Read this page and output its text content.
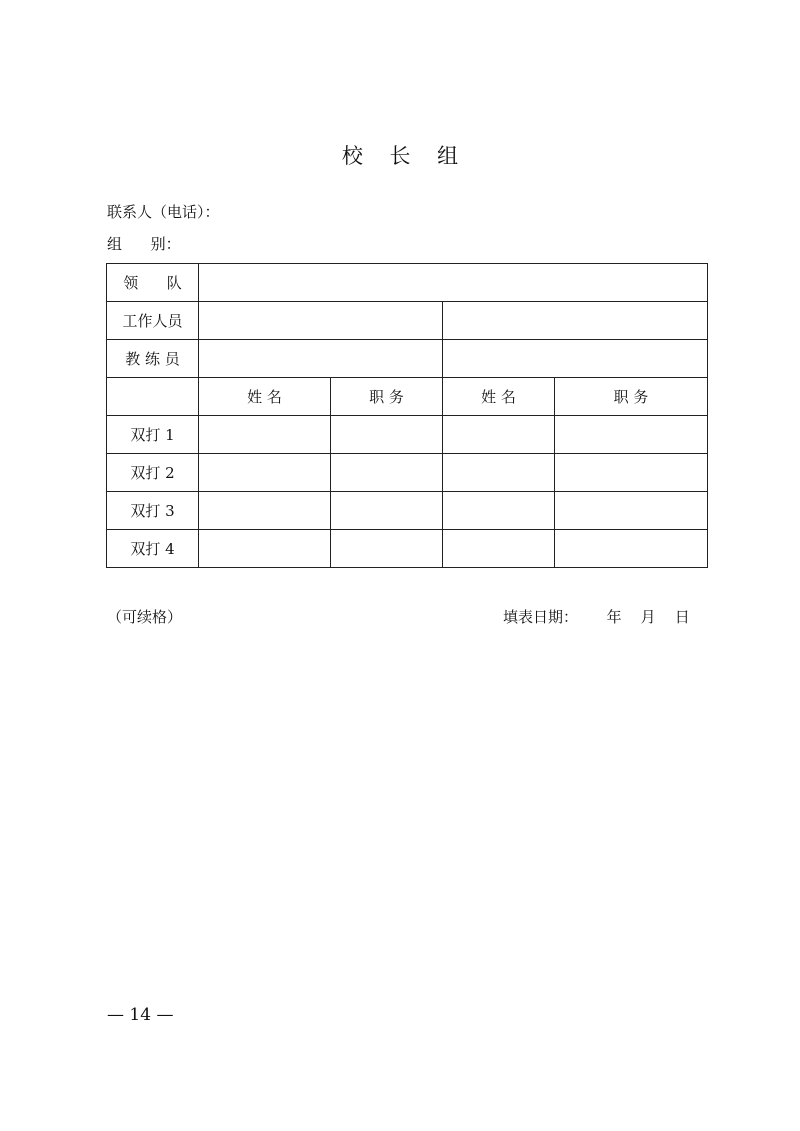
校 长 组
联系人（电话）：
组      别：
领      队				
工作人员				
教 练 员				
	姓 名	职 务	姓 名	职 务
双打 1				
双打 2				
双打 3				
双打 4				
（可续格）	填表日期：      年    月    日
— 14 —
